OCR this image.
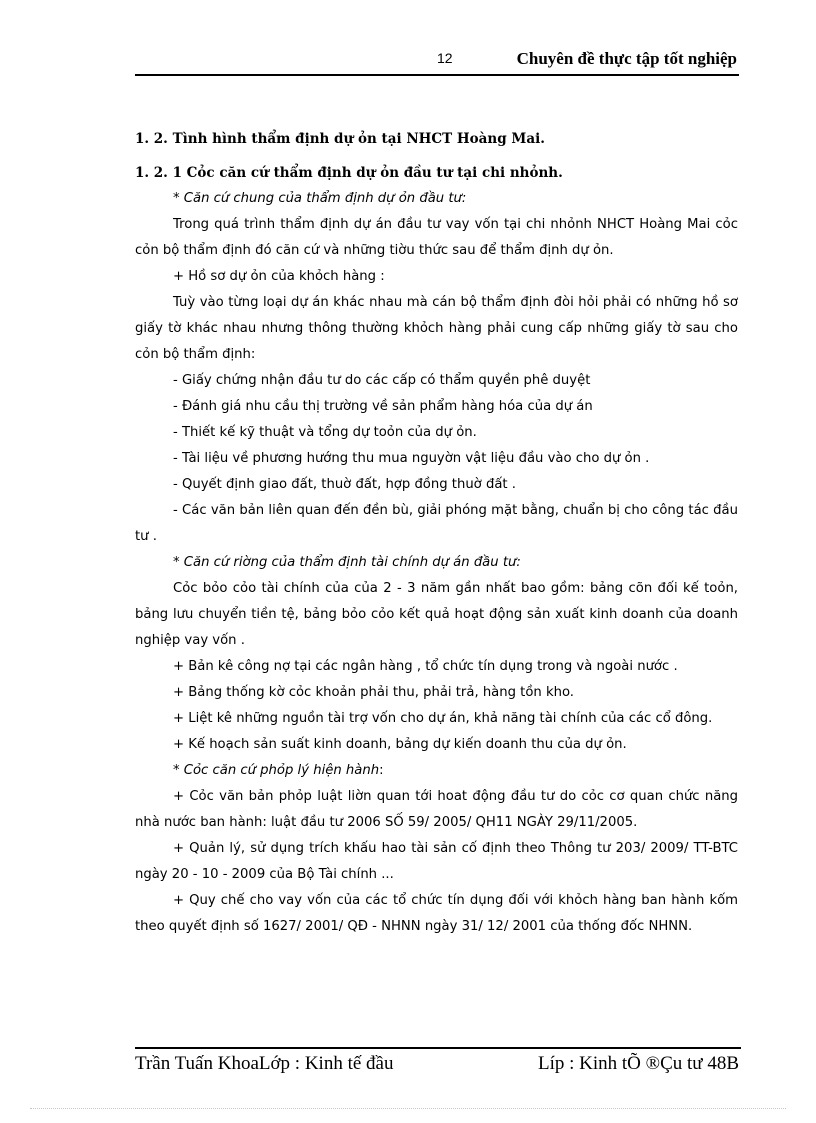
12	Chuyên đề thực tập tốt nghiệp

1. 2. Tình hình thẩm định dự ỏn tại NHCT Hoàng Mai.

1. 2. 1 Cỏc căn cứ thẩm định dự ỏn đầu tư tại chi nhỏnh.

* Căn cứ chung của thẩm định dự ỏn đầu tư:

Trong quá trình thẩm định dự án đầu tư vay vốn tại chi nhỏnh NHCT Hoàng Mai cỏc cỏn bộ thẩm định đó căn cứ và những tiờu thức sau để thẩm định dự ỏn.

+ Hồ sơ dự ỏn của khỏch hàng :

Tuỳ vào từng loại dự án khác nhau mà cán bộ thẩm định đòi hỏi phải có những hồ sơ giấy tờ khác nhau nhưng thông thường khỏch hàng phải cung cấp những giấy tờ sau cho cỏn bộ thẩm định:

- Giấy chứng nhận đầu tư do các cấp có thẩm quyền phê duyệt

- Đánh giá nhu cầu thị trường về sản phẩm hàng hóa của dự án

- Thiết kế kỹ thuật và tổng dự toỏn của dự ỏn.

- Tài liệu về phương hướng thu mua nguyờn vật liệu đầu vào cho dự ỏn .

- Quyết định giao đất, thuờ đất, hợp đồng thuờ đất .

- Các văn bản liên quan đến đền bù, giải phóng mặt bằng, chuẩn bị cho công tác đầu tư .

* Căn cứ riờng của thẩm định tài chính dự án đầu tư:

Cỏc bỏo cỏo tài chính của của 2 - 3 năm gần nhất bao gồm: bảng cõn đối kế toỏn, bảng lưu chuyển tiền tệ, bảng bỏo cỏo kết quả hoạt động sản xuất kinh doanh của doanh nghiệp vay vốn .

+ Bản kê công nợ tại các ngân hàng , tổ chức tín dụng trong và ngoài nước .

+ Bảng thống kờ cỏc khoản phải thu, phải trả, hàng tồn kho.

+ Liệt kê những nguồn tài trợ vốn cho dự án, khả năng tài chính của các cổ đông.

+ Kế hoạch sản suất kinh doanh, bảng dự kiến doanh thu của dự ỏn.

* Cỏc căn cứ phỏp lý hiện hành:

+ Cỏc văn bản phỏp luật liờn quan tới hoat động đầu tư do cỏc cơ quan chức năng nhà nước ban hành: luật đầu tư 2006 SỐ 59/ 2005/ QH11 NGÀY 29/11/2005.

+ Quản lý, sử dụng trích khấu hao tài sản cố định theo Thông tư 203/ 2009/ TT-BTC ngày 20 - 10 - 2009 của Bộ Tài chính ...

+ Quy chế cho vay vốn của các tổ chức tín dụng đối với khỏch hàng ban hành kốm theo quyết định số 1627/ 2001/ QĐ - NHNN ngày 31/ 12/ 2001 của thống đốc NHNN.

Trần Tuấn KhoaLớp : Kinh tế đầu	Líp : Kinh tÕ ®Çu tư 48B
